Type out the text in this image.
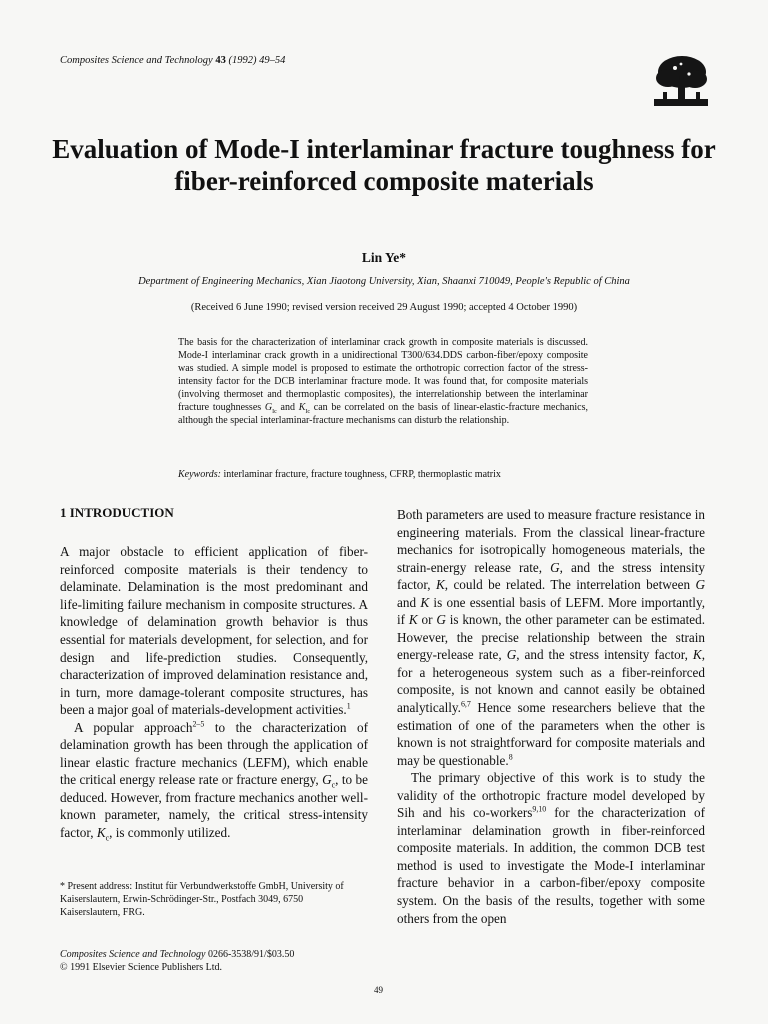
Composites Science and Technology 43 (1992) 49–54
Evaluation of Mode-I interlaminar fracture toughness for fiber-reinforced composite materials
Lin Ye*
Department of Engineering Mechanics, Xian Jiaotong University, Xian, Shaanxi 710049, People's Republic of China
(Received 6 June 1990; revised version received 29 August 1990; accepted 4 October 1990)

The basis for the characterization of interlaminar crack growth in composite materials is discussed. Mode-I interlaminar crack growth in a unidirectional T300/634.DDS carbon-fiber/epoxy composite was studied. A simple model is proposed to estimate the orthotropic correction factor of the stress-intensity factor for the DCB interlaminar fracture mode. It was found that, for composite materials (involving thermoset and thermoplastic composites), the interrelationship between the interlaminar fracture toughnesses $G_{Ic}$ and $K_{Ic}$ can be correlated on the basis of linear-elastic-fracture mechanics, although the special interlaminar-fracture mechanisms can disturb the relationship.

Keywords: interlaminar fracture, fracture toughness, CFRP, thermoplastic matrix

1 INTRODUCTION

A major obstacle to efficient application of fiber-reinforced composite materials is their tendency to delaminate. Delamination is the most predominant and life-limiting failure mechanism in composite structures. A knowledge of delamination growth behavior is thus essential for materials development, for selection, and for design and life-prediction studies. Consequently, characterization of improved delamination resistance and, in turn, more damage-tolerant composite structures, has been a major goal of materials-development activities.$^1$

A popular approach$^{2-5}$ to the characterization of delamination growth has been through the application of linear elastic fracture mechanics (LEFM), which enable the critical energy release rate or fracture energy, $G_c$, to be deduced. However, from fracture mechanics another well-known parameter, namely, the critical stress-intensity factor, $K_c$, is commonly utilized.

* Present address: Institut für Verbundwerkstoffe GmbH, University of Kaiserslautern, Erwin-Schrödinger-Str., Postfach 3049, 6750 Kaiserslautern, FRG.

Composites Science and Technology 0266-3538/91/$03.50
© 1991 Elsevier Science Publishers Ltd.

Both parameters are used to measure fracture resistance in engineering materials. From the classical linear-fracture mechanics for isotropically homogeneous materials, the strain-energy release rate, G, and the stress intensity factor, K, could be related. The interrelation between G and K is one essential basis of LEFM. More importantly, if K or G is known, the other parameter can be estimated. However, the precise relationship between the strain energy-release rate, G, and the stress intensity factor, K, for a heterogeneous system such as a fiber-reinforced composite, is not known and cannot easily be obtained analytically.$^{6,7}$ Hence some researchers believe that the estimation of one of the parameters when the other is known is not straightforward for composite materials and may be questionable.$^8$

The primary objective of this work is to study the validity of the orthotropic fracture model developed by Sih and his co-workers$^{9,10}$ for the characterization of interlaminar delamination growth in fiber-reinforced composite materials. In addition, the common DCB test method is used to investigate the Mode-I interlaminar fracture behavior in a carbon-fiber/epoxy composite system. On the basis of the results, together with some others from the open

49
